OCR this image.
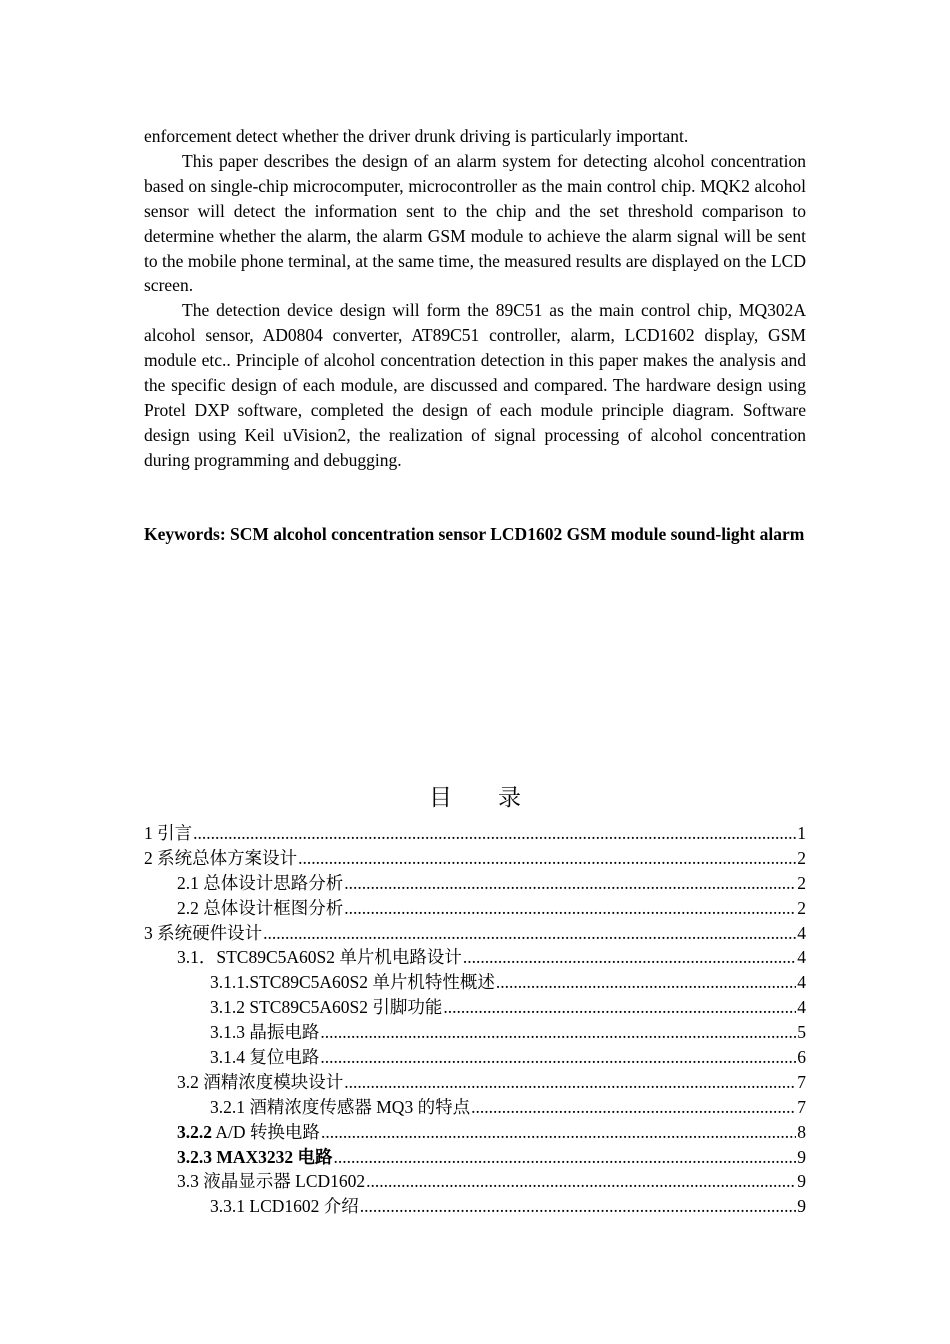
enforcement detect whether the driver drunk driving is particularly important.

This paper describes the design of an alarm system for detecting alcohol concentration based on single-chip microcomputer, microcontroller as the main control chip. MQK2 alcohol sensor will detect the information sent to the chip and the set threshold comparison to determine whether the alarm, the alarm GSM module to achieve the alarm signal will be sent to the mobile phone terminal, at the same time, the measured results are displayed on the LCD screen.

The detection device design will form the 89C51 as the main control chip, MQ302A alcohol sensor, AD0804 converter, AT89C51 controller, alarm, LCD1602 display, GSM module etc.. Principle of alcohol concentration detection in this paper makes the analysis and the specific design of each module, are discussed and compared. The hardware design using Protel DXP software, completed the design of each module principle diagram. Software design using Keil uVision2, the realization of signal processing of alcohol concentration during programming and debugging.

Keywords: SCM alcohol concentration sensor LCD1602 GSM module sound-light alarm

目　　录
1 引言 .....	1
2 系统总体方案设计 .....	2
2.1 总体设计思路分析 .....	2
2.2 总体设计框图分析 .....	2
3 系统硬件设计 .....	4
3.1．STC89C5A60S2 单片机电路设计 .....	4
3.1.1.STC89C5A60S2 单片机特性概述 .....	4
3.1.2 STC89C5A60S2 引脚功能 .....	4
3.1.3 晶振电路 .....	5
3.1.4 复位电路 .....	6
3.2 酒精浓度模块设计 .....	7
3.2.1 酒精浓度传感器 MQ3 的特点 .....	7
3.2.2 A/D 转换电路 .....	8
3.2.3 MAX3232 电路 .....	9
3.3 液晶显示器 LCD1602 .....	9
3.3.1 LCD1602 介绍 .....	9
